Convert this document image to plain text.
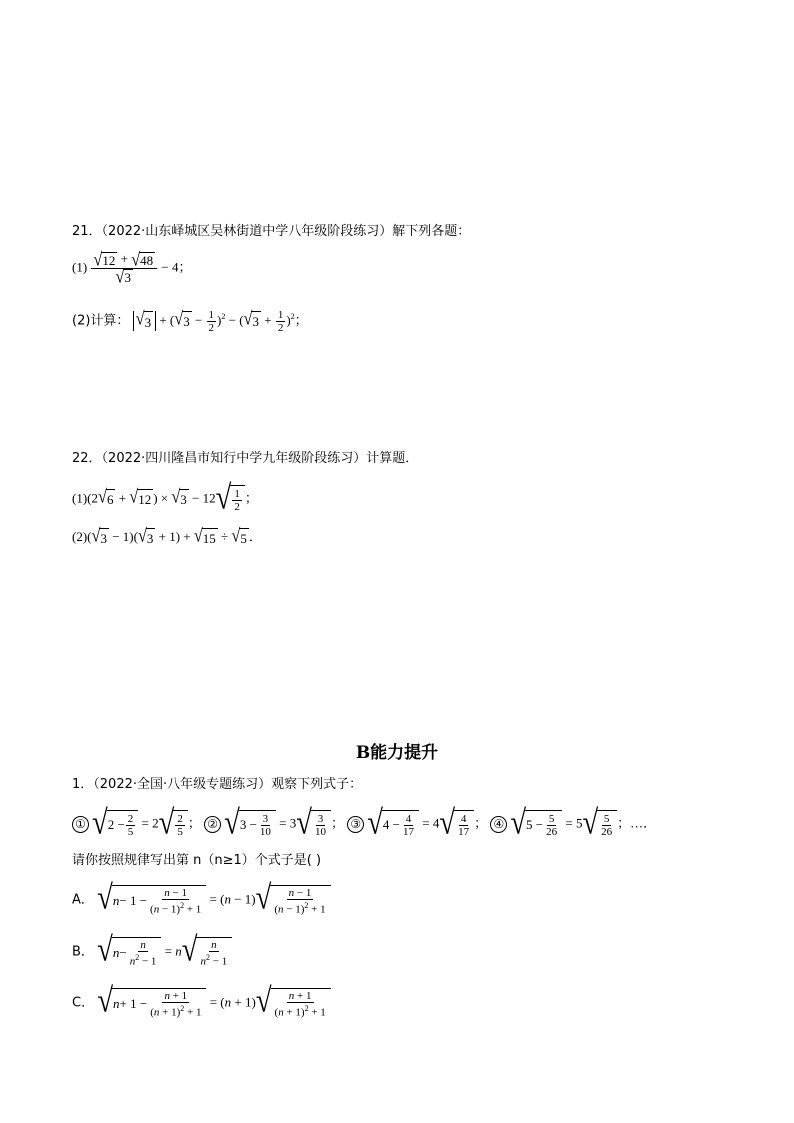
21．（2022·山东峄城区吴林街道中学八年级阶段练习）解下列各题：
$(1) \frac{√ 12 + √ 48}{√ 3} - 4$；
(2)计算： √ 3 + ( √ $3 - \frac{1}{2} )^2$ − ( √ $3 + \frac{1}{2} )^2$；
22．（2022·四川隆昌市知行中学九年级阶段练习）计算题．
(1)(2 √ 6 + √ 12 ) × √ 3 − 12 √ $\frac{1}{2}$ ；
(2)( √ 3 − 1)( √ 3 + 1) + √ 15 ÷ √ 5 ．
B能力提升
1．（2022·全国·八年级专题练习）观察下列式子：
① √ $2 - \frac{2}{5} = 2$ √ $\frac{2}{5}$ ； ② √ $3 - \frac{3}{10} = 3$ √ $\frac{3}{10}$ ； ③ √ $4 - \frac{4}{17} = 4$ √ $\frac{4}{17}$ ； ④ √ $5 - \frac{5}{26} = 5$ √ $\frac{5}{26}$ ；…．
请你按照规律写出第 n（n≥1）个式子是( )
A． √ $n - 1 - \frac{n - 1}{(n - 1)^2 + 1} = (n - 1)$ √ $\frac{n - 1}{(n - 1)^2 + 1}$
B． √ $n - \frac{n}{n^2 - 1} = n$ √ $\frac{n}{n^2 - 1}$
C． √ $n + 1 - \frac{n + 1}{(n + 1)^2 + 1} = (n + 1)$ √ $\frac{n + 1}{(n + 1)^2 + 1}$
